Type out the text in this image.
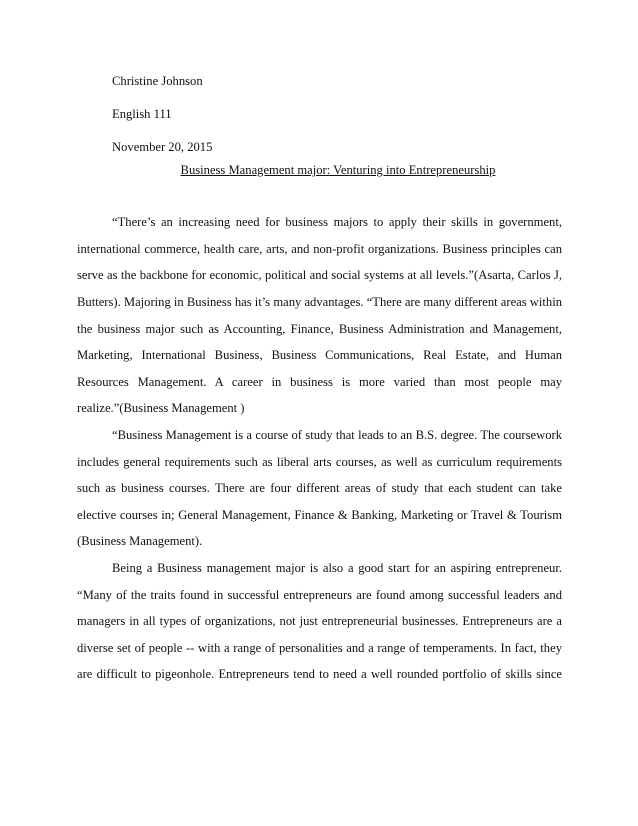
Christine Johnson
English 111
November 20, 2015
Business Management major: Venturing into Entrepreneurship
“There’s an increasing need for business majors to apply their skills in government,
international commerce, health care, arts, and non-profit organizations. Business principles can
serve as the backbone for economic, political and social systems at all levels.”(Asarta, Carlos J,
Butters). Majoring in Business has it’s many advantages. “There are many different areas within
the business major such as Accounting, Finance, Business Administration and Management,
Marketing, International Business, Business Communications, Real Estate, and Human
Resources Management. A career in business is more varied than most people may
realize.”(Business Management )
“Business Management is a course of study that leads to an B.S. degree. The coursework
includes general requirements such as liberal arts courses, as well as curriculum requirements
such as business courses. There are four different areas of study that each student can take
elective courses in; General Management, Finance & Banking, Marketing or Travel & Tourism
(Business Management).
Being a Business management major is also a good start for an aspiring entrepreneur.
“Many of the traits found in successful entrepreneurs are found among successful leaders and
managers in all types of organizations, not just entrepreneurial businesses. Entrepreneurs are a
diverse set of people -- with a range of personalities and a range of temperaments. In fact, they
are difficult to pigeonhole. Entrepreneurs tend to need a well rounded portfolio of skills since
